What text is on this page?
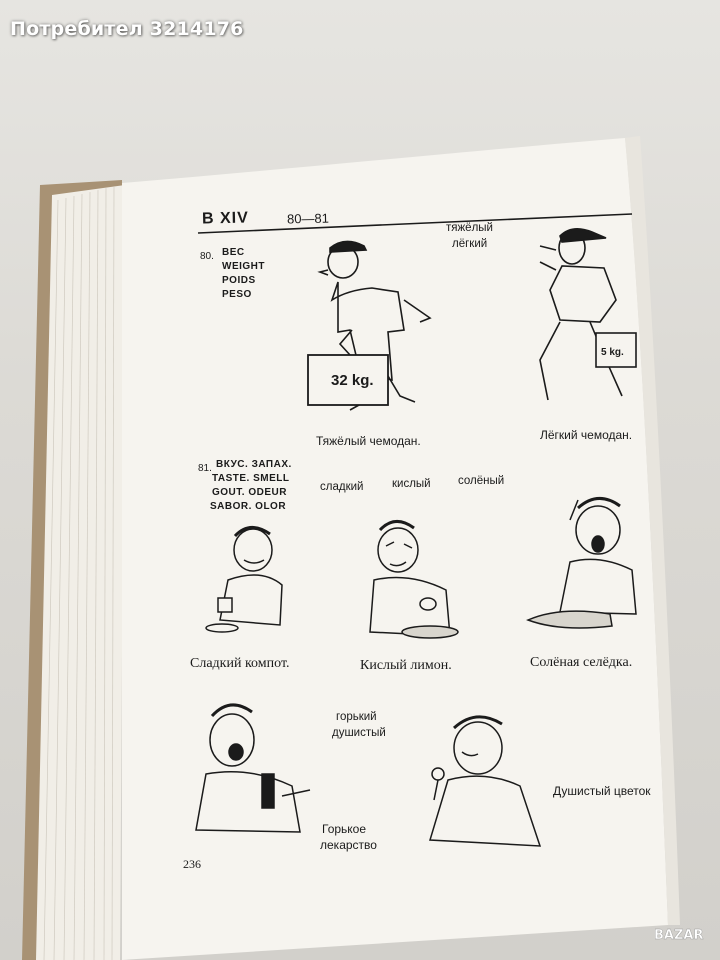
32 kg.
5 kg.
B XIV	80—81
80. ВЕС
WEIGHT
POIDS
PESO
тяжёлый
лёгкий
Тяжёлый чемодан.	Лёгкий чемодан.
81. ВКУС. ЗАПАХ.
TASTE. SMELL
GOUT. ODEUR
SABOR. OLOR
сладкий кислый солёный
Сладкий компот.	Кислый лимон.	Солёная селёдка.
горький
душистый
Горькое
лекарство
Душистый цветок
236
Потребител 3214176
BAZAR
